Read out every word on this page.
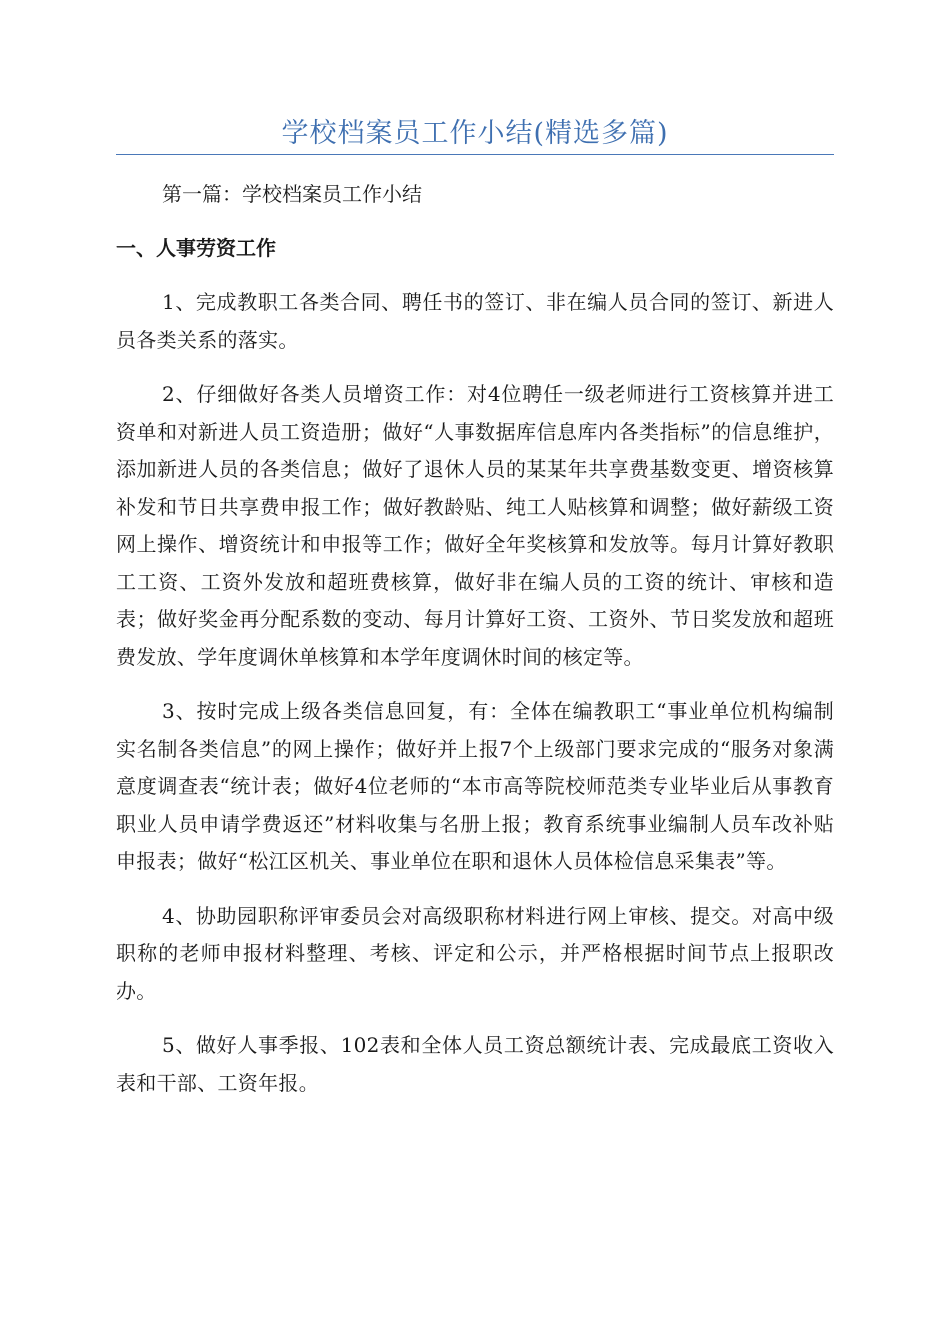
学校档案员工作小结(精选多篇)

第一篇：学校档案员工作小结

一、人事劳资工作

1、完成教职工各类合同、聘任书的签订、非在编人员合同的签订、新进人员各类关系的落实。

2、仔细做好各类人员增资工作：对4位聘任一级老师进行工资核算并进工资单和对新进人员工资造册；做好“人事数据库信息库内各类指标”的信息维护，添加新进人员的各类信息；做好了退休人员的某某年共享费基数变更、增资核算补发和节日共享费申报工作；做好教龄贴、纯工人贴核算和调整；做好薪级工资网上操作、增资统计和申报等工作；做好全年奖核算和发放等。每月计算好教职工工资、工资外发放和超班费核算，做好非在编人员的工资的统计、审核和造表；做好奖金再分配系数的变动、每月计算好工资、工资外、节日奖发放和超班费发放、学年度调休单核算和本学年度调休时间的核定等。

3、按时完成上级各类信息回复，有：全体在编教职工“事业单位机构编制实名制各类信息”的网上操作；做好并上报7个上级部门要求完成的“服务对象满意度调查表“统计表；做好4位老师的“本市高等院校师范类专业毕业后从事教育职业人员申请学费返还”材料收集与名册上报；教育系统事业编制人员车改补贴申报表；做好“松江区机关、事业单位在职和退休人员体检信息采集表”等。

4、协助园职称评审委员会对高级职称材料进行网上审核、提交。对高中级职称的老师申报材料整理、考核、评定和公示，并严格根据时间节点上报职改办。

5、做好人事季报、102表和全体人员工资总额统计表、完成最底工资收入表和干部、工资年报。
